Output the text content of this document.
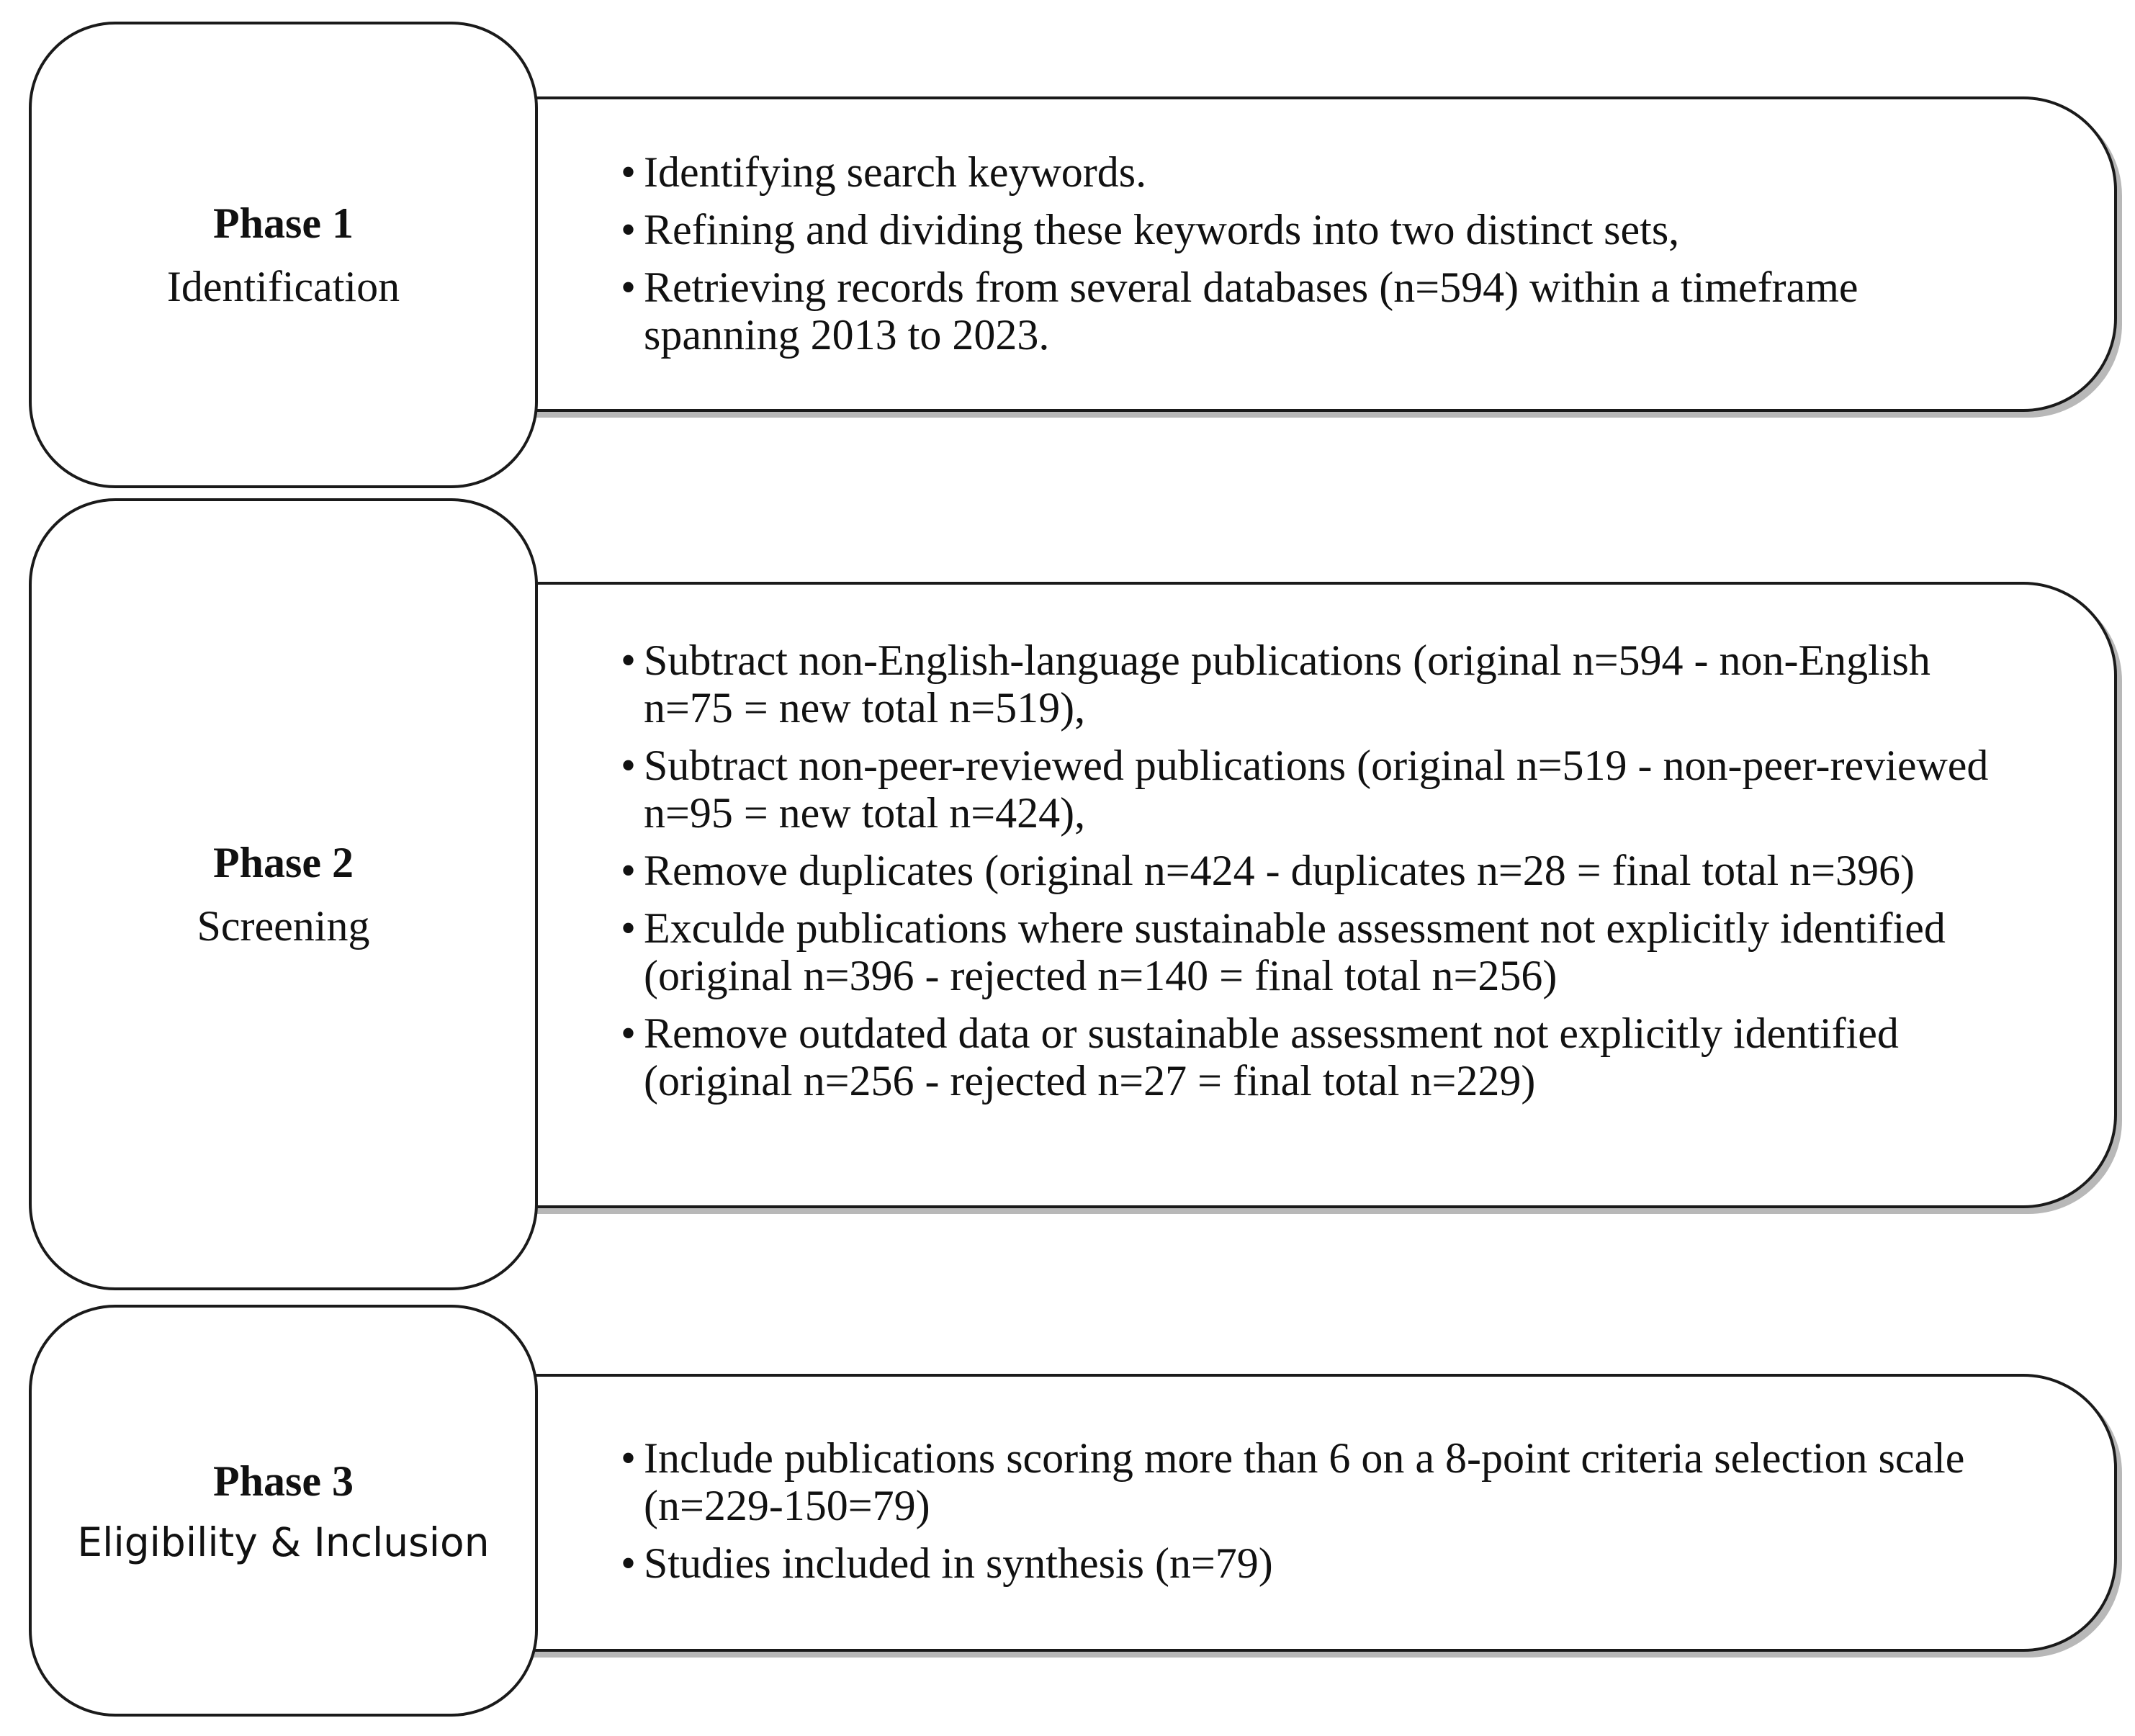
Phase 1
Identification
• Identifying search keywords.
• Refining and dividing these keywords into two distinct sets,
• Retrieving records from several databases (n=594) within a timeframe spanning 2013 to 2023.
Phase 2
Screening
• Subtract non-English-language publications (original n=594 - non-English n=75 = new total n=519),
• Subtract non-peer-reviewed publications (original n=519 - non-peer-reviewed n=95 = new total n=424),
• Remove duplicates (original n=424 - duplicates n=28 = final total n=396)
• Exculde publications where sustainable assessment not explicitly identified (original n=396 - rejected n=140 = final total n=256)
• Remove outdated data or sustainable assessment not explicitly identified (original n=256 - rejected n=27 = final total n=229)
Phase 3
Eligibility & Inclusion
• Include publications scoring more than 6 on a 8-point criteria selection scale (n=229-150=79)
• Studies included in synthesis (n=79)
